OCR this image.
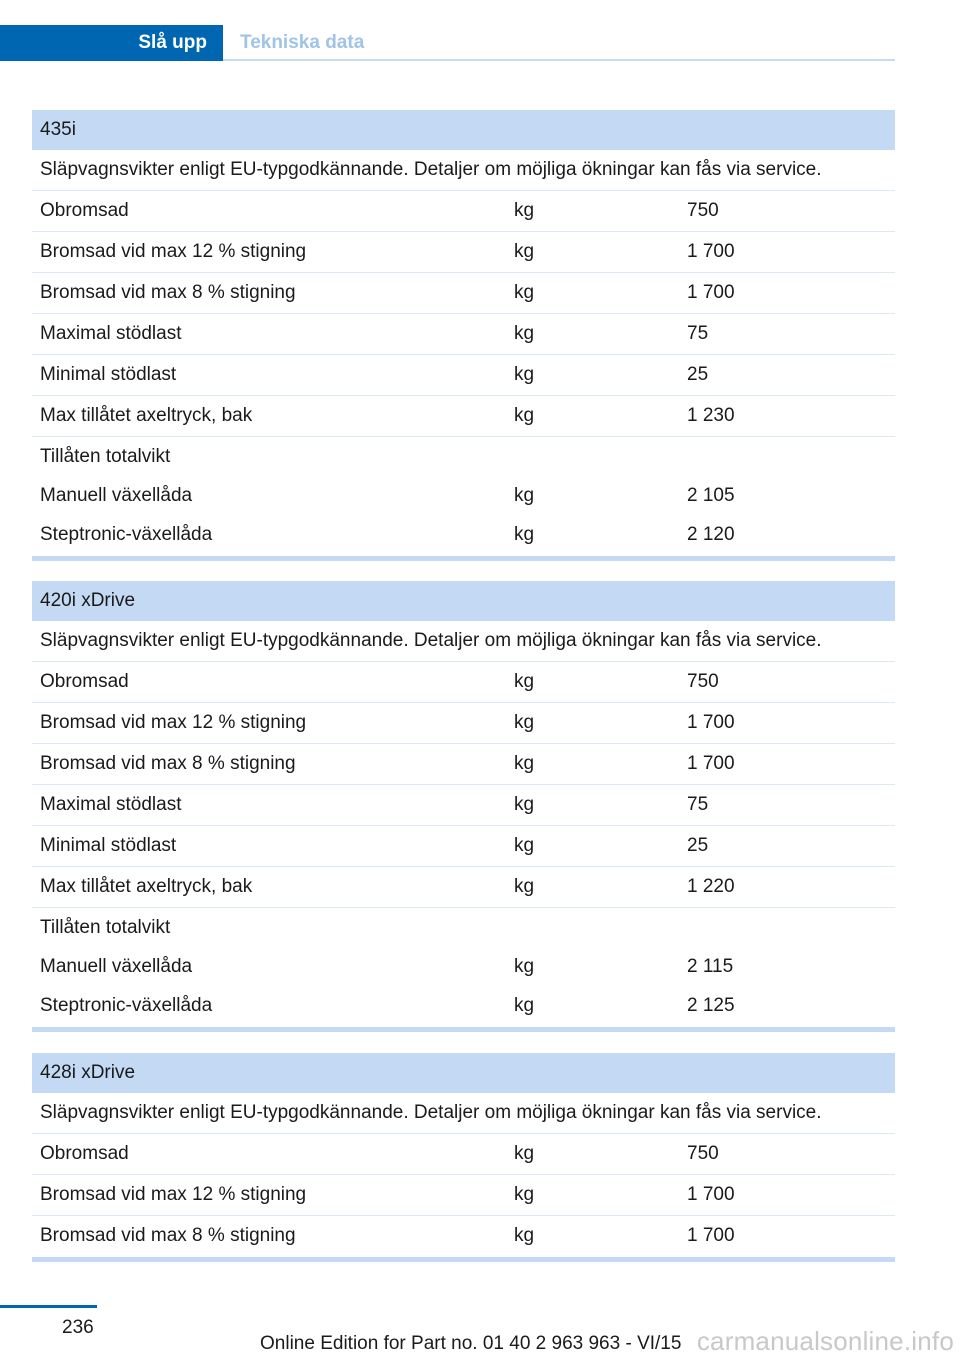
Slå upp	Tekniska data
435i
Släpvagnsvikter enligt EU-typgodkännande. Detaljer om möjliga ökningar kan fås via service.
Obromsad	kg	750
Bromsad vid max 12 % stigning	kg	1 700
Bromsad vid max 8 % stigning	kg	1 700
Maximal stödlast	kg	75
Minimal stödlast	kg	25
Max tillåtet axeltryck, bak	kg	1 230
Tillåten totalvikt
Manuell växellåda	kg	2 105
Steptronic-växellåda	kg	2 120
420i xDrive
Släpvagnsvikter enligt EU-typgodkännande. Detaljer om möjliga ökningar kan fås via service.
Obromsad	kg	750
Bromsad vid max 12 % stigning	kg	1 700
Bromsad vid max 8 % stigning	kg	1 700
Maximal stödlast	kg	75
Minimal stödlast	kg	25
Max tillåtet axeltryck, bak	kg	1 220
Tillåten totalvikt
Manuell växellåda	kg	2 115
Steptronic-växellåda	kg	2 125
428i xDrive
Släpvagnsvikter enligt EU-typgodkännande. Detaljer om möjliga ökningar kan fås via service.
Obromsad	kg	750
Bromsad vid max 12 % stigning	kg	1 700
Bromsad vid max 8 % stigning	kg	1 700
236
Online Edition for Part no. 01 40 2 963 963 - VI/15 carmanualsonline.info
